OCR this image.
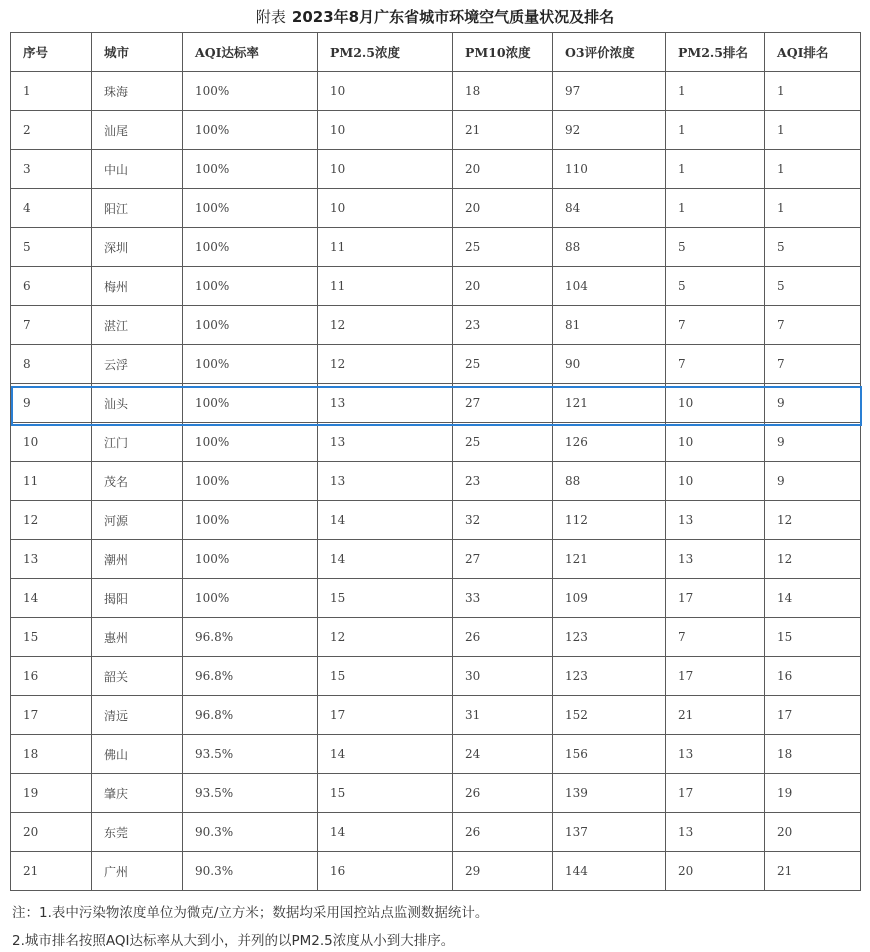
附表 2023年8月广东省城市环境空气质量状况及排名
序号	城市	AQI达标率	PM2.5浓度	PM10浓度	O3评价浓度	PM2.5排名	AQI排名
1	珠海	100%	10	18	97	1	1
2	汕尾	100%	10	21	92	1	1
3	中山	100%	10	20	110	1	1
4	阳江	100%	10	20	84	1	1
5	深圳	100%	11	25	88	5	5
6	梅州	100%	11	20	104	5	5
7	湛江	100%	12	23	81	7	7
8	云浮	100%	12	25	90	7	7
9	汕头	100%	13	27	121	10	9
10	江门	100%	13	25	126	10	9
11	茂名	100%	13	23	88	10	9
12	河源	100%	14	32	112	13	12
13	潮州	100%	14	27	121	13	12
14	揭阳	100%	15	33	109	17	14
15	惠州	96.8%	12	26	123	7	15
16	韶关	96.8%	15	30	123	17	16
17	清远	96.8%	17	31	152	21	17
18	佛山	93.5%	14	24	156	13	18
19	肇庆	93.5%	15	26	139	17	19
20	东莞	90.3%	14	26	137	13	20
21	广州	90.3%	16	29	144	20	21
注：1.表中污染物浓度单位为微克/立方米；数据均采用国控站点监测数据统计。
2.城市排名按照AQI达标率从大到小，并列的以PM2.5浓度从小到大排序。
